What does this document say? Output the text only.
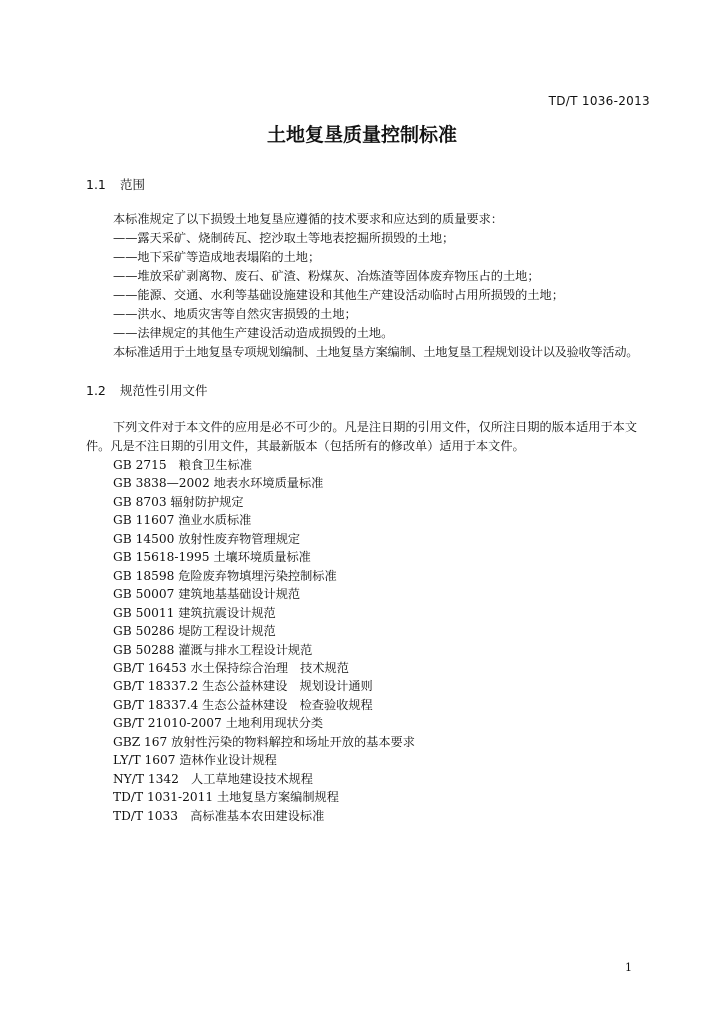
TD/T 1036-2013
土地复垦质量控制标准
1.1 范围

本标准规定了以下损毁土地复垦应遵循的技术要求和应达到的质量要求：

——露天采矿、烧制砖瓦、挖沙取土等地表挖掘所损毁的土地；

——地下采矿等造成地表塌陷的土地；

——堆放采矿剥离物、废石、矿渣、粉煤灰、冶炼渣等固体废弃物压占的土地；

——能源、交通、水利等基础设施建设和其他生产建设活动临时占用所损毁的土地；

——洪水、地质灾害等自然灾害损毁的土地；

——法律规定的其他生产建设活动造成损毁的土地。

本标准适用于土地复垦专项规划编制、土地复垦方案编制、土地复垦工程规划设计以及验收等活动。

1.2 规范性引用文件

下列文件对于本文件的应用是必不可少的。凡是注日期的引用文件，仅所注日期的版本适用于本文件。凡是不注日期的引用文件，其最新版本（包括所有的修改单）适用于本文件。

GB 2715　粮食卫生标准
GB 3838—2002 地表水环境质量标准
GB 8703 辐射防护规定
GB 11607 渔业水质标准
GB 14500 放射性废弃物管理规定
GB 15618-1995 土壤环境质量标准
GB 18598 危险废弃物填埋污染控制标准
GB 50007 建筑地基基础设计规范
GB 50011 建筑抗震设计规范
GB 50286 堤防工程设计规范
GB 50288 灌溉与排水工程设计规范
GB/T 16453 水土保持综合治理　技术规范
GB/T 18337.2 生态公益林建设　规划设计通则
GB/T 18337.4 生态公益林建设　检查验收规程
GB/T 21010-2007 土地利用现状分类
GBZ 167 放射性污染的物料解控和场址开放的基本要求
LY/T 1607 造林作业设计规程
NY/T 1342　人工草地建设技术规程
TD/T 1031-2011 土地复垦方案编制规程
TD/T 1033　高标准基本农田建设标准
1
